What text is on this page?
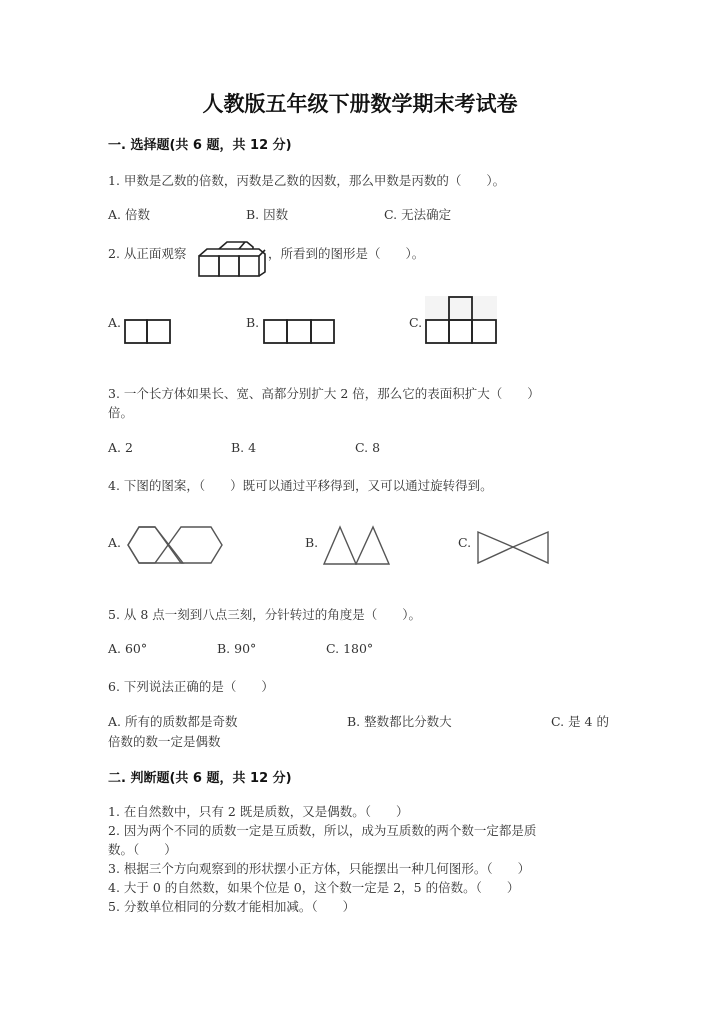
人教版五年级下册数学期末考试卷
一. 选择题(共 6 题，共 12 分)
1. 甲数是乙数的倍数，丙数是乙数的因数，那么甲数是丙数的（　　）。
A. 倍数	B. 因数	C. 无法确定
2. 从正面观察	，所看到的图形是（　　）。
A.	B.	C.
3. 一个长方体如果长、宽、高都分别扩大 2 倍，那么它的表面积扩大（　　）
倍。
A. 2	B. 4	C. 8
4. 下图的图案，（　　）既可以通过平移得到，又可以通过旋转得到。
A.	B.	C.
5. 从 8 点一刻到八点三刻，分针转过的角度是（　　）。
A. 60°	B. 90°	C. 180°
6. 下列说法正确的是（　　）
A. 所有的质数都是奇数	B. 整数都比分数大	C. 是 4 的
倍数的数一定是偶数
二. 判断题(共 6 题，共 12 分)
1. 在自然数中，只有 2 既是质数，又是偶数。（　　）
2. 因为两个不同的质数一定是互质数，所以，成为互质数的两个数一定都是质
数。（　　）
3. 根据三个方向观察到的形状摆小正方体，只能摆出一种几何图形。（　　）
4. 大于 0 的自然数，如果个位是 0，这个数一定是 2，5 的倍数。（　　）
5. 分数单位相同的分数才能相加减。（　　）
